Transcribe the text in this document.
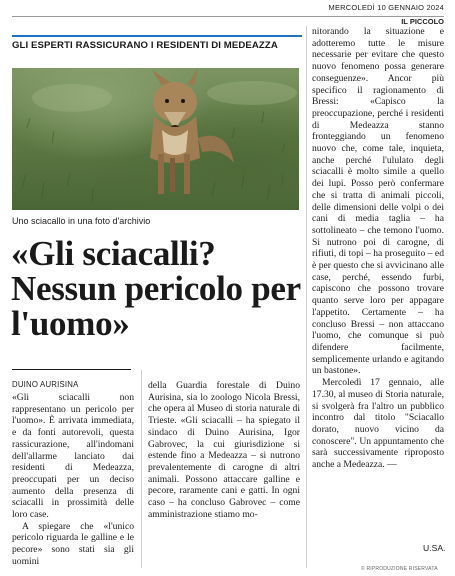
MERCOLEDÌ 10 GENNAIO 2024
IL PICCOLO
GLI ESPERTI RASSICURANO I RESIDENTI DI MEDEAZZA
Uno sciacallo in una foto d'archivio
«Gli sciacalli? Nessun pericolo per l'uomo»
DUINO AURISINA

«Gli sciacalli non rappresentano un pericolo per l'uomo». È arrivata immediata, e da fonti autorevoli, questa rassicurazione, all'indomani dell'allarme lanciato dai residenti di Medeazza, preoccupati per un deciso aumento della presenza di sciacalli in prossimità delle loro case.

A spiegare che «l'unico pericolo riguarda le galline e le pecore» sono stati sia gli uomini

della Guardia forestale di Duino Aurisina, sia lo zoologo Nicola Bressi, che opera al Museo di storia naturale di Trieste. «Gli sciacalli – ha spiegato il sindaco di Duino Aurisina, Igor Gabrovec, la cui giurisdizione si estende fino a Medeazza – si nutrono prevalentemente di carogne di altri animali. Possono attaccare galline e pecore, raramente cani e gatti. In ogni caso – ha concluso Gabrovec – come amministrazione stiamo mo-

nitorando la situazione e adotteremo tutte le misure necessarie per evitare che questo nuovo fenomeno possa generare conseguenze». Ancor più specifico il ragionamento di Bressi: «Capisco la preoccupazione, perché i residenti di Medeazza stanno fronteggiando un fenomeno nuovo che, come tale, inquieta, anche perché l'ululato degli sciacalli è molto simile a quello dei lupi. Posso però confermare che si tratta di animali piccoli, delle dimensioni delle volpi o dei cani di media taglia – ha sottolineato – che temono l'uomo. Si nutrono poi di carogne, di rifiuti, di topi – ha proseguito – ed è per questo che si avvicinano alle case, perché, essendo furbi, capiscono che possono trovare quanto serve loro per appagare l'appetito. Certamente – ha concluso Bressi – non attaccano l'uomo, che comunque si può difendere facilmente, semplicemente urlando e agitando un bastone».

Mercoledì 17 gennaio, alle 17.30, al museo di Storia naturale, si svolgerà fra l'altro un pubblico incontro dal titolo "Sciacallo dorato, nuovo vicino da conoscere". Un appuntamento che sarà successivamente riproposto anche a Medeazza. —

U.SA.
© RIPRODUZIONE RISERVATA
